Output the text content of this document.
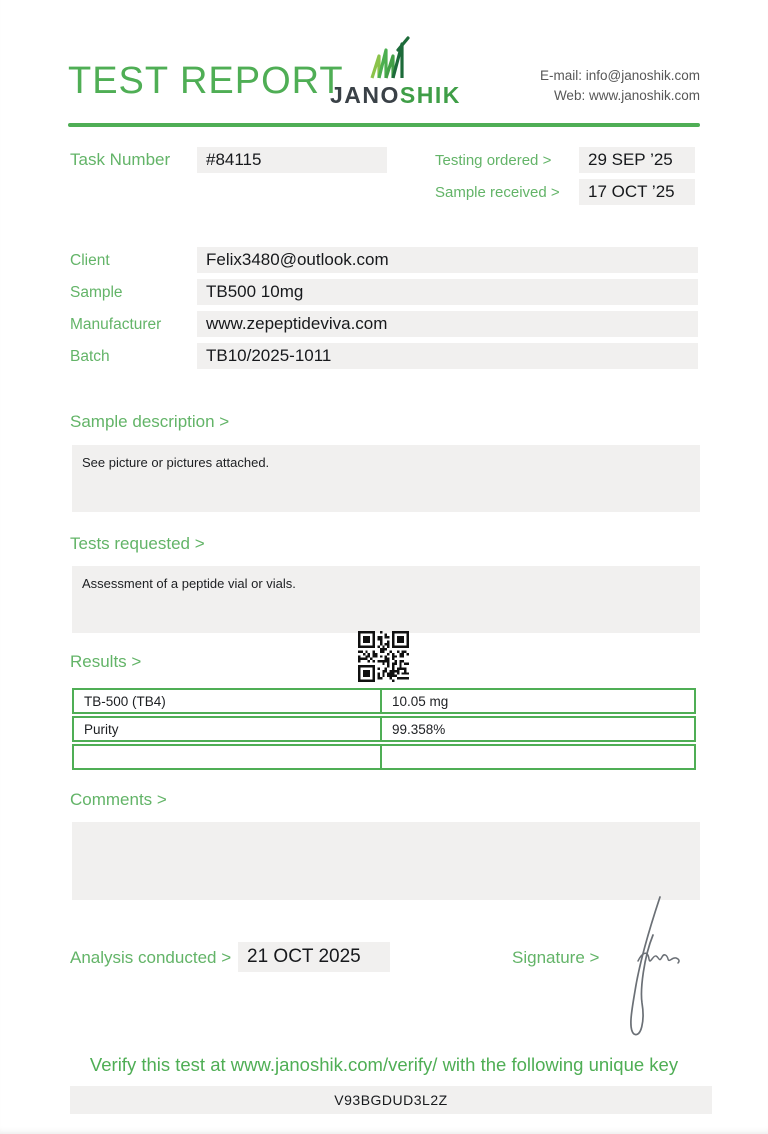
TEST REPORT
JANOSHIK
E-mail: info@janoshik.com
Web: www.janoshik.com
Task Number	#84115	Testing ordered >	29 SEP ’25
Sample received >	17 OCT ’25
Client	Felix3480@outlook.com
Sample	TB500 10mg
Manufacturer	www.zepeptideviva.com
Batch	TB10/2025-1011
Sample description >
See picture or pictures attached.
Tests requested >
Assessment of a peptide vial or vials.
Results >
TB-500 (TB4)	10.05 mg
Purity	99.358%
Comments >
Analysis conducted > 21 OCT 2025	Signature >
Verify this test at www.janoshik.com/verify/ with the following unique key
V93BGDUD3L2Z
